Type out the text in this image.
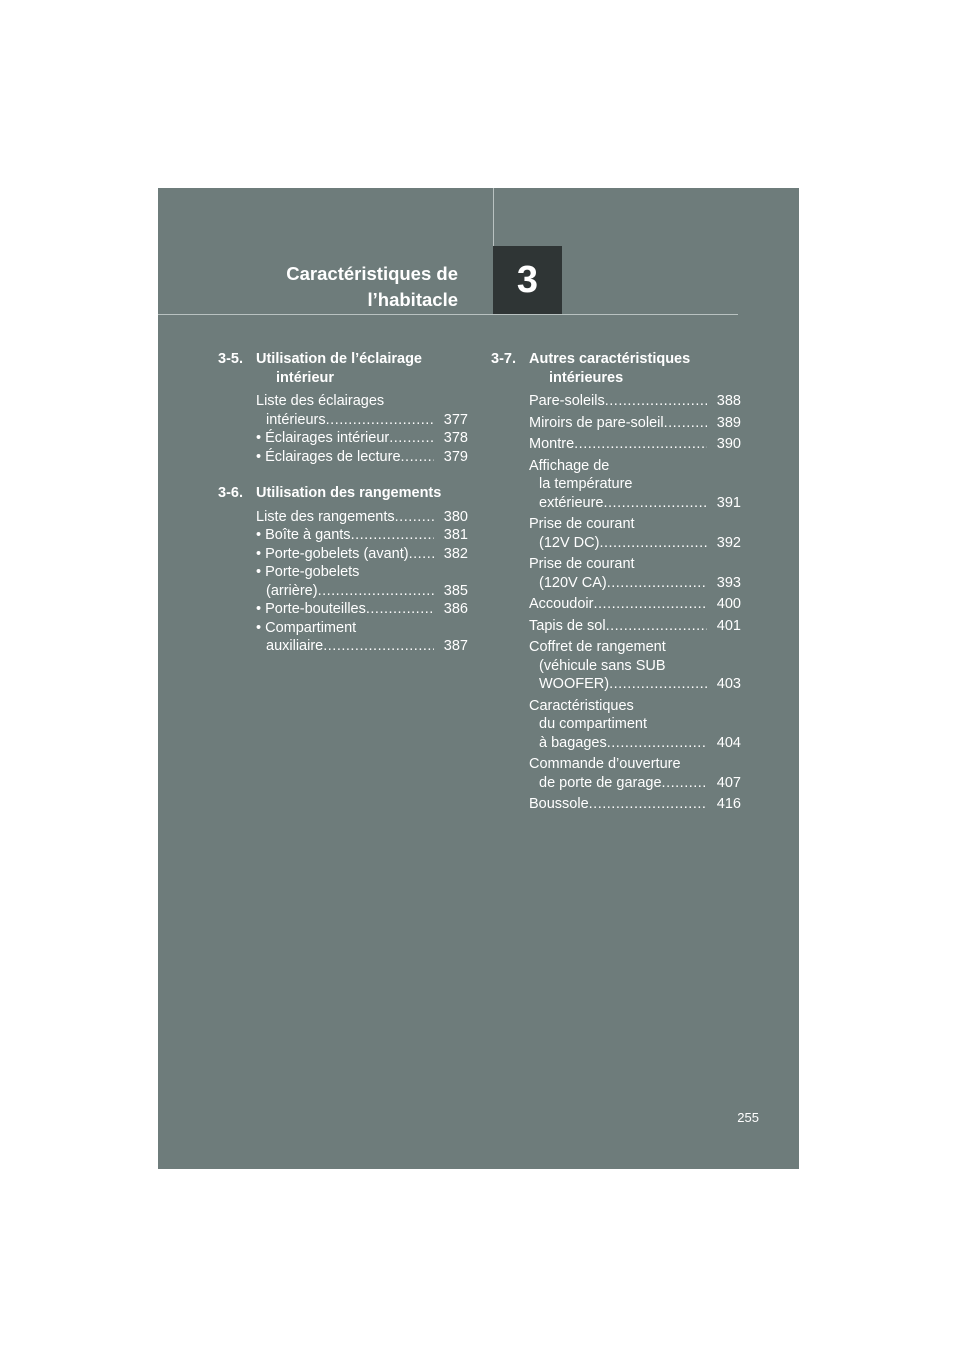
Caractéristiques de
l’habitacle 3
3-5. Utilisation de l’éclairage
intérieur
Liste des éclairages
intérieurs .....	377
• Éclairages intérieur .....	378
• Éclairages de lecture .....	379
3-6. Utilisation des rangements
Liste des rangements .....	380
• Boîte à gants .....	381
• Porte-gobelets (avant) .....	382
• Porte-gobelets
(arrière) .....	385
• Porte-bouteilles .....	386
• Compartiment
auxiliaire .....	387
3-7. Autres caractéristiques
intérieures
Pare-soleils .....	388
Miroirs de pare-soleil .....	389
Montre .....	390
Affichage de
la température
extérieure .....	391
Prise de courant
(12V DC) .....	392
Prise de courant
(120V CA) .....	393
Accoudoir .....	400
Tapis de sol .....	401
Coffret de rangement
(véhicule sans SUB
WOOFER) .....	403
Caractéristiques
du compartiment
à bagages .....	404
Commande d’ouverture
de porte de garage .....	407
Boussole .....	416
255
